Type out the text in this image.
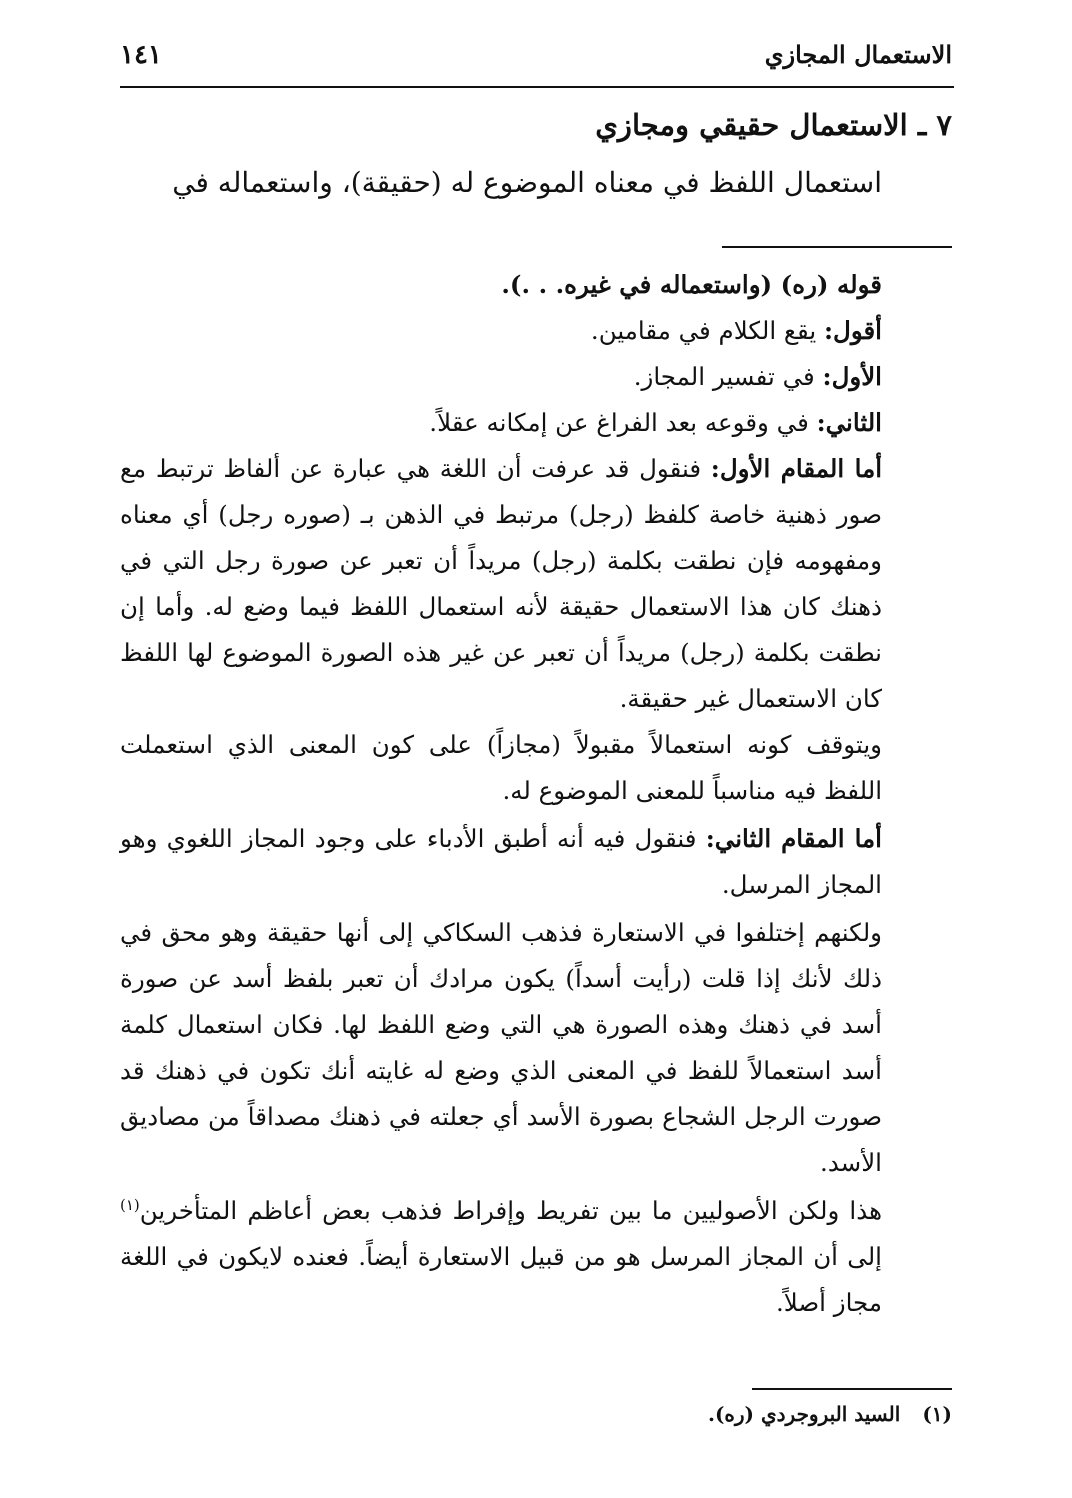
الاستعمال المجازي
١٤١
٧ ـ الاستعمال حقيقي ومجازي
استعمال اللفظ في معناه الموضوع له (حقيقة)، واستعماله في

قوله (ره) (واستعماله في غيره. . .).

أقول: يقع الكلام في مقامين.

الأول: في تفسير المجاز.

الثاني: في وقوعه بعد الفراغ عن إمكانه عقلاً.

أما المقام الأول: فنقول قد عرفت أن اللغة هي عبارة عن ألفاظ ترتبط مع صور ذهنية خاصة كلفظ (رجل) مرتبط في الذهن بـ (صوره رجل) أي معناه ومفهومه فإن نطقت بكلمة (رجل) مريداً أن تعبر عن صورة رجل التي في ذهنك كان هذا الاستعمال حقيقة لأنه استعمال اللفظ فيما وضع له. وأما إن نطقت بكلمة (رجل) مريداً أن تعبر عن غير هذه الصورة الموضوع لها اللفظ كان الاستعمال غير حقيقة.

ويتوقف كونه استعمالاً مقبولاً (مجازاً) على كون المعنى الذي استعملت اللفظ فيه مناسباً للمعنى الموضوع له.

أما المقام الثاني: فنقول فيه أنه أطبق الأدباء على وجود المجاز اللغوي وهو المجاز المرسل.

ولكنهم إختلفوا في الاستعارة فذهب السكاكي إلى أنها حقيقة وهو محق في ذلك لأنك إذا قلت (رأيت أسداً) يكون مرادك أن تعبر بلفظ أسد عن صورة أسد في ذهنك وهذه الصورة هي التي وضع اللفظ لها. فكان استعمال كلمة أسد استعمالاً للفظ في المعنى الذي وضع له غايته أنك تكون في ذهنك قد صورت الرجل الشجاع بصورة الأسد أي جعلته في ذهنك مصداقاً من مصاديق الأسد.

هذا ولكن الأصوليين ما بين تفريط وإفراط فذهب بعض أعاظم المتأخرين$^{(١)}$ إلى أن المجاز المرسل هو من قبيل الاستعارة أيضاً. فعنده لايكون في اللغة مجاز أصلاً.

(١)السيد البروجردي (ره).
